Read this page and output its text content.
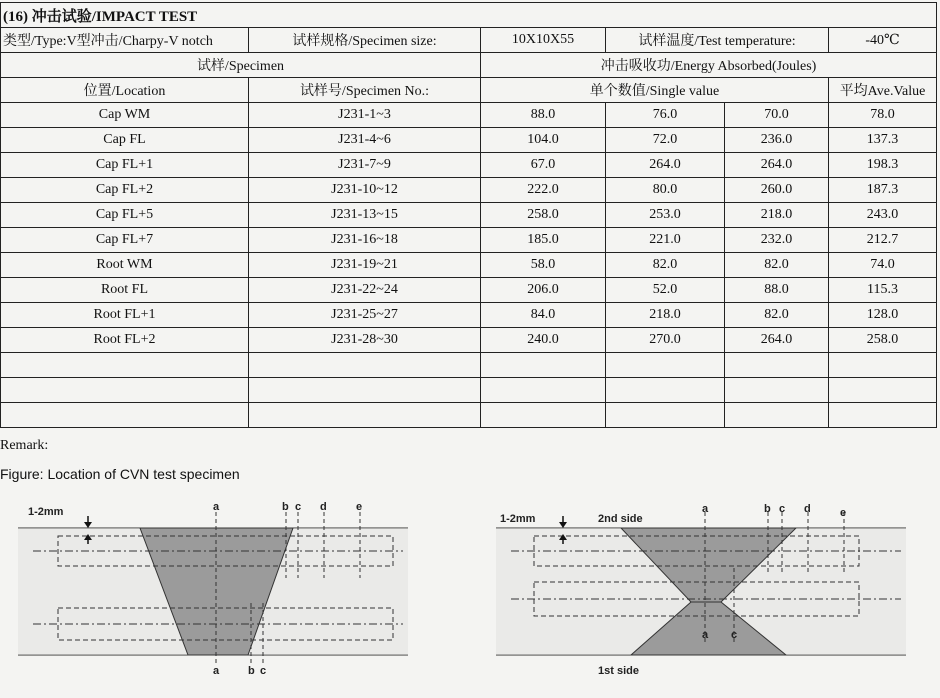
(16) 冲击试验/IMPACT TEST					
类型/Type:V型冲击/Charpy-V notch	试样规格/Specimen size:	10X10X55	试样温度/Test temperature:		-40℃
试样/Specimen		冲击吸收功/Energy Absorbed(Joules)			
位置/Location	试样号/Specimen No.:	单个数值/Single value			平均Ave.Value
Cap WM	J231-1~3	88.0	76.0	70.0	78.0
Cap FL	J231-4~6	104.0	72.0	236.0	137.3
Cap FL+1	J231-7~9	67.0	264.0	264.0	198.3
Cap FL+2	J231-10~12	222.0	80.0	260.0	187.3
Cap FL+5	J231-13~15	258.0	253.0	218.0	243.0
Cap FL+7	J231-16~18	185.0	221.0	232.0	212.7
Root WM	J231-19~21	58.0	82.0	82.0	74.0
Root FL	J231-22~24	206.0	52.0	88.0	115.3
Root FL+1	J231-25~27	84.0	218.0	82.0	128.0
Root FL+2	J231-28~30	240.0	270.0	264.0	258.0

Remark:
Figure: Location of CVN test specimen
1-2mm	a	b c d	e
a	b c
1-2mm	2nd side
1st side
a	b c d	e
a c
